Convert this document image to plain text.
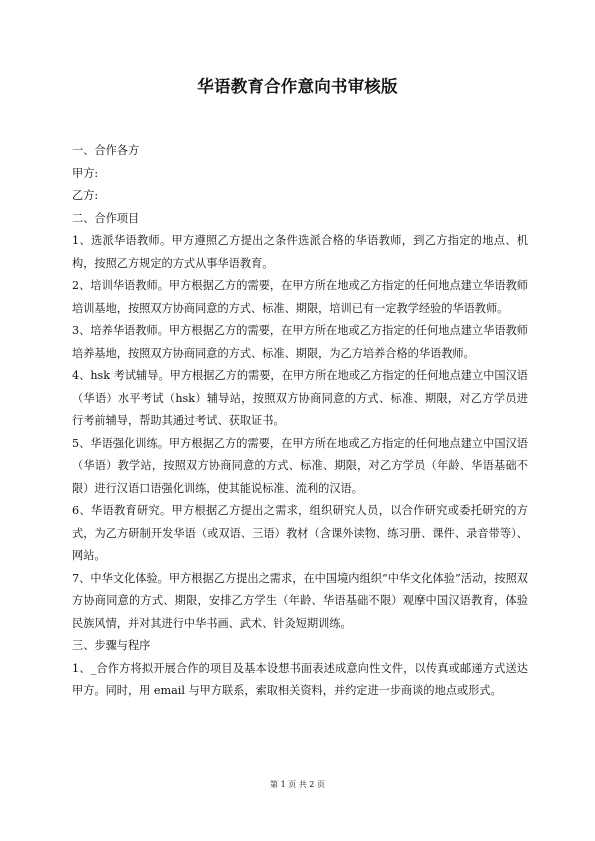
华语教育合作意向书审核版

一、合作各方

甲方:

乙方:

二、合作项目

1、选派华语教师。甲方遵照乙方提出之条件选派合格的华语教师，到乙方指定的地点、机构，按照乙方规定的方式从事华语教育。

2、培训华语教师。甲方根据乙方的需要，在甲方所在地或乙方指定的任何地点建立华语教师培训基地，按照双方协商同意的方式、标准、期限，培训已有一定教学经验的华语教师。

3、培养华语教师。甲方根据乙方的需要，在甲方所在地或乙方指定的任何地点建立华语教师培养基地，按照双方协商同意的方式、标准、期限，为乙方培养合格的华语教师。

4、hsk 考试辅导。甲方根据乙方的需要，在甲方所在地或乙方指定的任何地点建立中国汉语（华语）水平考试（hsk）辅导站，按照双方协商同意的方式、标准、期限，对乙方学员进行考前辅导，帮助其通过考试、获取证书。

5、华语强化训练。甲方根据乙方的需要，在甲方所在地或乙方指定的任何地点建立中国汉语（华语）教学站，按照双方协商同意的方式、标准、期限，对乙方学员（年龄、华语基础不限）进行汉语口语强化训练，使其能说标准、流利的汉语。

6、华语教育研究。甲方根据乙方提出之需求，组织研究人员，以合作研究或委托研究的方式，为乙方研制开发华语（或双语、三语）教材（含课外读物、练习册、课件、录音带等）、网站。

7、中华文化体验。甲方根据乙方提出之需求，在中国境内组织“中华文化体验”活动，按照双方协商同意的方式、期限，安排乙方学生（年龄、华语基础不限）观摩中国汉语教育，体验民族风情，并对其进行中华书画、武术、针灸短期训练。

三、步骤与程序

1、_合作方将拟开展合作的项目及基本设想书面表述成意向性文件，以传真或邮递方式送达甲方。同时，用 email 与甲方联系，索取相关资料，并约定进一步商谈的地点或形式。

第 1 页 共 2 页
